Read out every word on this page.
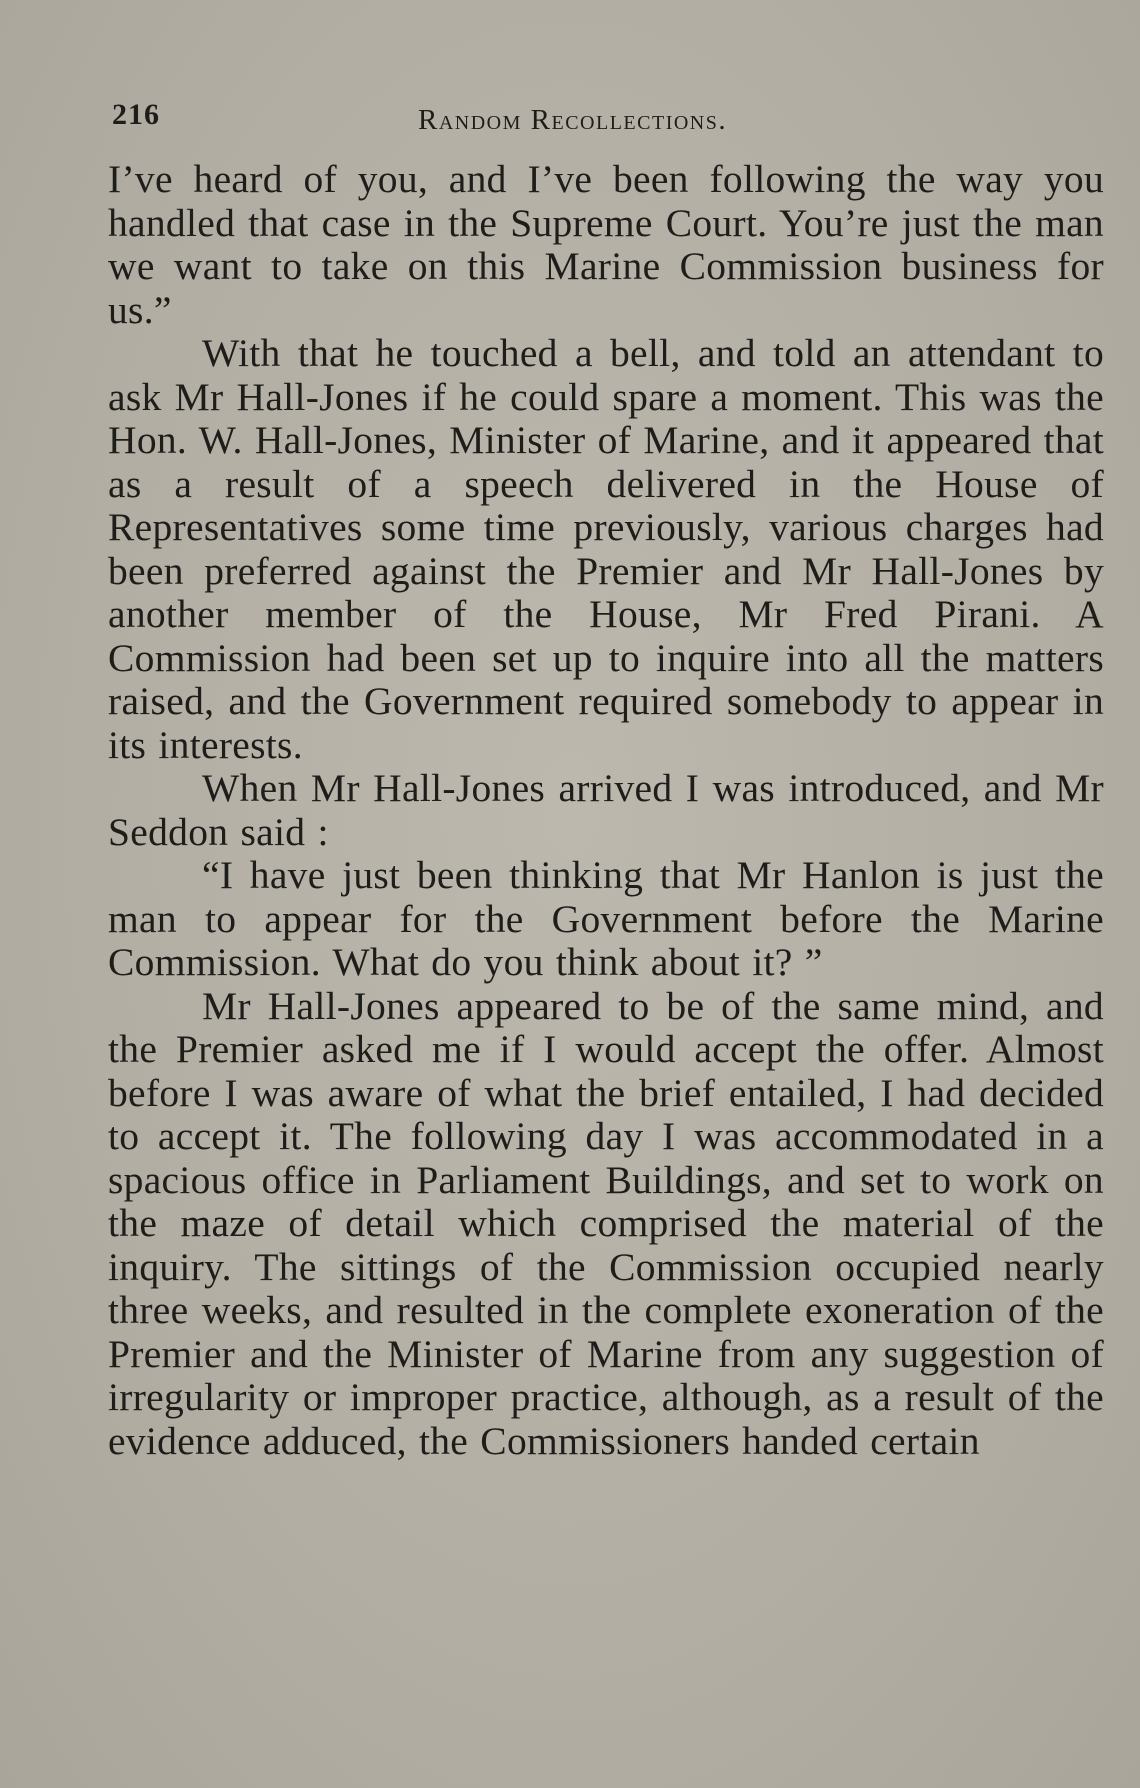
216	Random Recollections.

I’ve heard of you, and I’ve been following the way you handled that case in the Supreme Court. You’re just the man we want to take on this Marine Commission business for us.”

With that he touched a bell, and told an attendant to ask Mr Hall-Jones if he could spare a moment. This was the Hon. W. Hall-Jones, Minister of Marine, and it appeared that as a result of a speech delivered in the House of Representatives some time previously, various charges had been preferred against the Premier and Mr Hall-Jones by another member of the House, Mr Fred Pirani. A Commission had been set up to inquire into all the matters raised, and the Government required somebody to appear in its interests.

When Mr Hall-Jones arrived I was introduced, and Mr Seddon said :

“I have just been thinking that Mr Hanlon is just the man to appear for the Government before the Marine Commission. What do you think about it? ”

Mr Hall-Jones appeared to be of the same mind, and the Premier asked me if I would accept the offer. Almost before I was aware of what the brief entailed, I had decided to accept it. The following day I was accommodated in a spacious office in Parliament Buildings, and set to work on the maze of detail which comprised the material of the inquiry. The sittings of the Commission occupied nearly three weeks, and resulted in the complete exoneration of the Premier and the Minister of Marine from any suggestion of irregularity or improper practice, although, as a result of the evidence adduced, the Commissioners handed certain
